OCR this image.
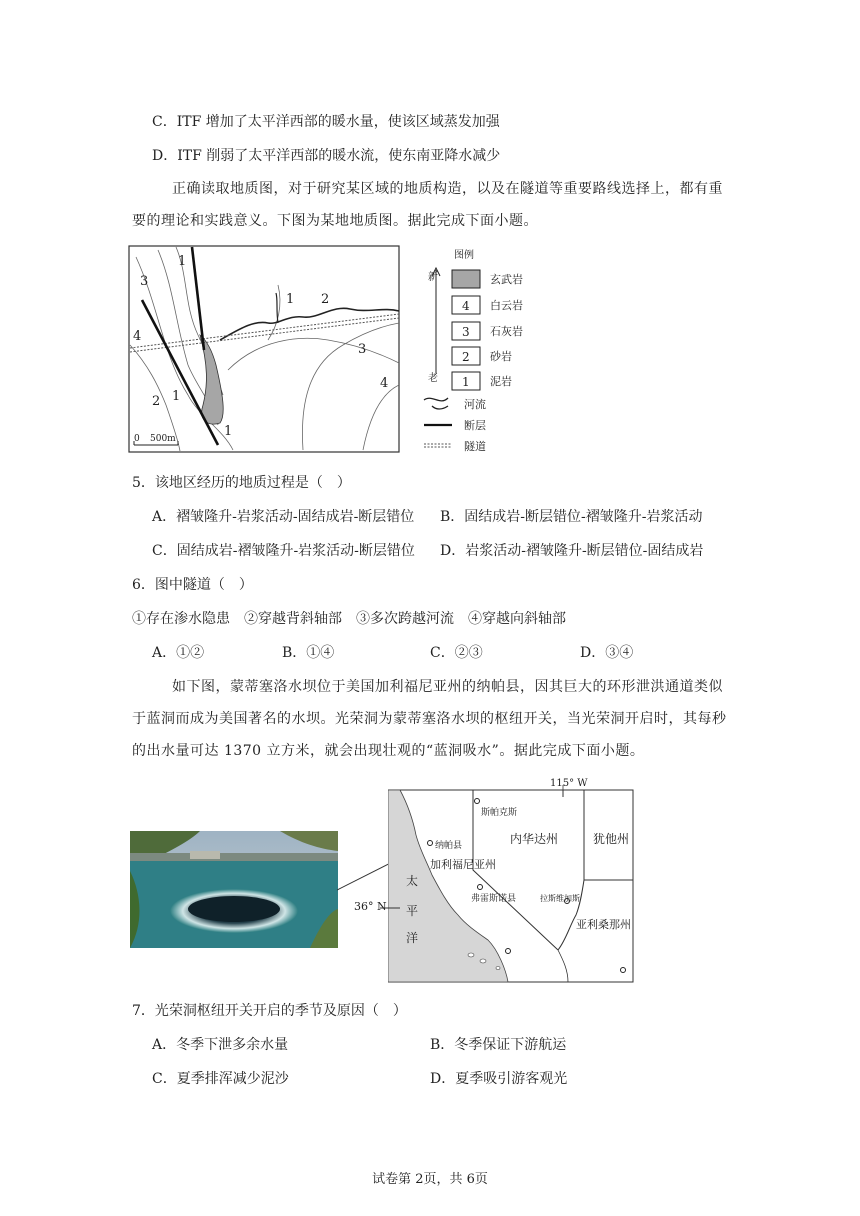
C．ITF 增加了太平洋西部的暖水量，使该区域蒸发加强
D．ITF 削弱了太平洋西部的暖水流，使东南亚降水减少
正确读取地质图，对于研究某区域的地质构造，以及在隧道等重要路线选择上，都有重要的理论和实践意义。下图为某地地质图。据此完成下面小题。
3
1
4
2 1
1
1 2
3
4
0 500m
图例
新
老
4
3
2
1
玄武岩
白云岩
石灰岩
砂岩
泥岩
河流
断层
隧道
5．该地区经历的地质过程是（　）
A．褶皱隆升-岩浆活动-固结成岩-断层错位 B．固结成岩-断层错位-褶皱隆升-岩浆活动
C．固结成岩-褶皱隆升-岩浆活动-断层错位 D．岩浆活动-褶皱隆升-断层错位-固结成岩
6．图中隧道（　）
①存在渗水隐患　②穿越背斜轴部　③多次跨越河流　④穿越向斜轴部
A．①②	B．①④	C．②③	D．③④
如下图，蒙蒂塞洛水坝位于美国加利福尼亚州的纳帕县，因其巨大的环形泄洪通道类似于蓝洞而成为美国著名的水坝。光荣洞为蒙蒂塞洛水坝的枢纽开关，当光荣洞开启时，其每秒的出水量可达 1370 立方米，就会出现壮观的“蓝洞吸水”。据此完成下面小题。
115° W
斯帕克斯
内华达州	犹他州
纳帕县
加利福尼亚州
弗雷斯诺县	拉斯维加斯
亚利桑那州
太
平
洋
36° N
7．光荣洞枢纽开关开启的季节及原因（　）
A．冬季下泄多余水量	B．冬季保证下游航运
C．夏季排浑减少泥沙	D．夏季吸引游客观光
试卷第 2页，共 6页
